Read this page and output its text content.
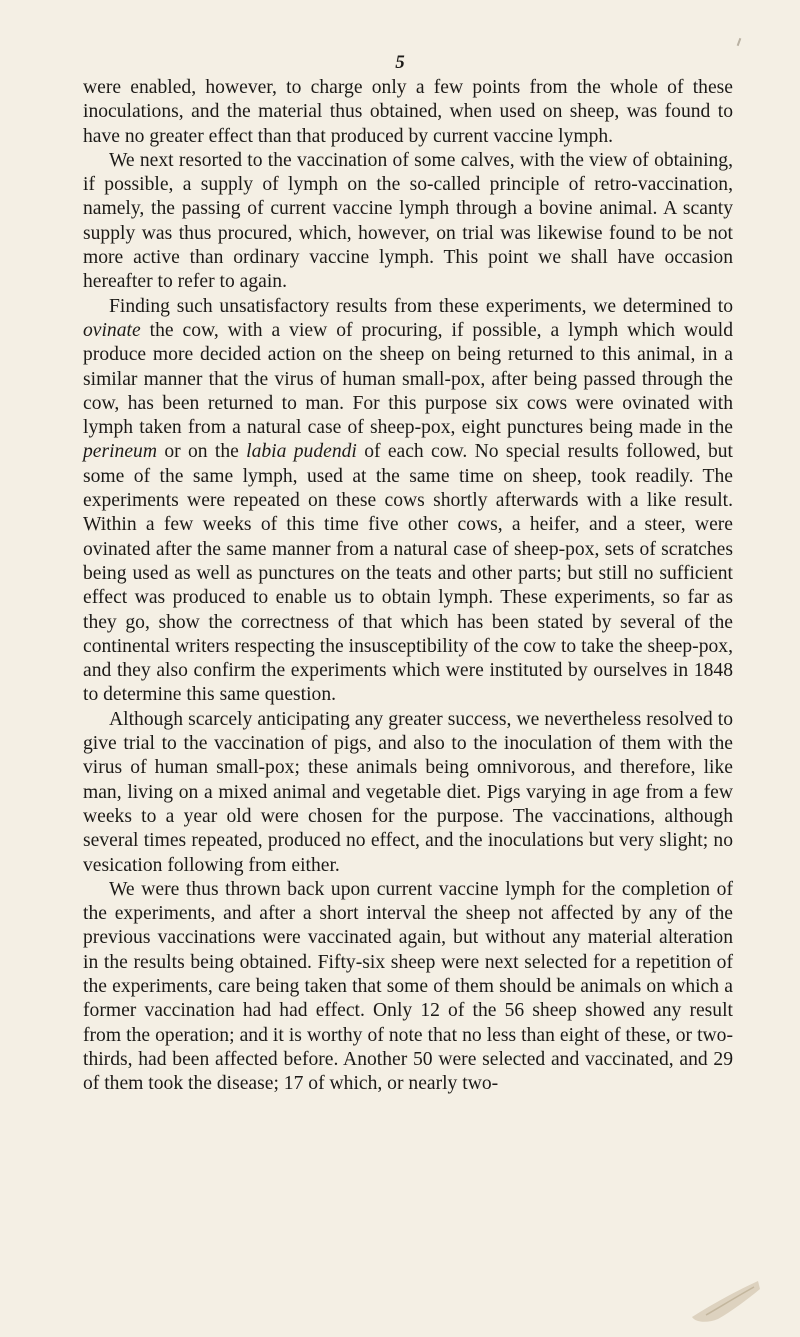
5

were enabled, however, to charge only a few points from the whole of these inoculations, and the material thus obtained, when used on sheep, was found to have no greater effect than that produced by current vaccine lymph.

We next resorted to the vaccination of some calves, with the view of obtaining, if possible, a supply of lymph on the so-called principle of retro-vaccination, namely, the passing of current vaccine lymph through a bovine animal. A scanty supply was thus procured, which, however, on trial was likewise found to be not more active than ordinary vaccine lymph. This point we shall have occasion hereafter to refer to again.

Finding such unsatisfactory results from these experiments, we determined to ovinate the cow, with a view of procuring, if possible, a lymph which would produce more decided action on the sheep on being returned to this animal, in a similar manner that the virus of human small-pox, after being passed through the cow, has been returned to man. For this purpose six cows were ovinated with lymph taken from a natural case of sheep-pox, eight punctures being made in the perineum or on the labia pudendi of each cow. No special results followed, but some of the same lymph, used at the same time on sheep, took readily. The experiments were repeated on these cows shortly afterwards with a like result. Within a few weeks of this time five other cows, a heifer, and a steer, were ovinated after the same manner from a natural case of sheep-pox, sets of scratches being used as well as punctures on the teats and other parts; but still no sufficient effect was produced to enable us to obtain lymph. These experiments, so far as they go, show the correctness of that which has been stated by several of the continental writers respecting the insusceptibility of the cow to take the sheep-pox, and they also confirm the experiments which were instituted by ourselves in 1848 to determine this same question.

Although scarcely anticipating any greater success, we nevertheless resolved to give trial to the vaccination of pigs, and also to the inoculation of them with the virus of human small-pox; these animals being omnivorous, and therefore, like man, living on a mixed animal and vegetable diet. Pigs varying in age from a few weeks to a year old were chosen for the purpose. The vaccinations, although several times repeated, produced no effect, and the inoculations but very slight; no vesication following from either.

We were thus thrown back upon current vaccine lymph for the completion of the experiments, and after a short interval the sheep not affected by any of the previous vaccinations were vaccinated again, but without any material alteration in the results being obtained. Fifty-six sheep were next selected for a repetition of the experiments, care being taken that some of them should be animals on which a former vaccination had had effect. Only 12 of the 56 sheep showed any result from the operation; and it is worthy of note that no less than eight of these, or two-thirds, had been affected before. Another 50 were selected and vaccinated, and 29 of them took the disease; 17 of which, or nearly two-
